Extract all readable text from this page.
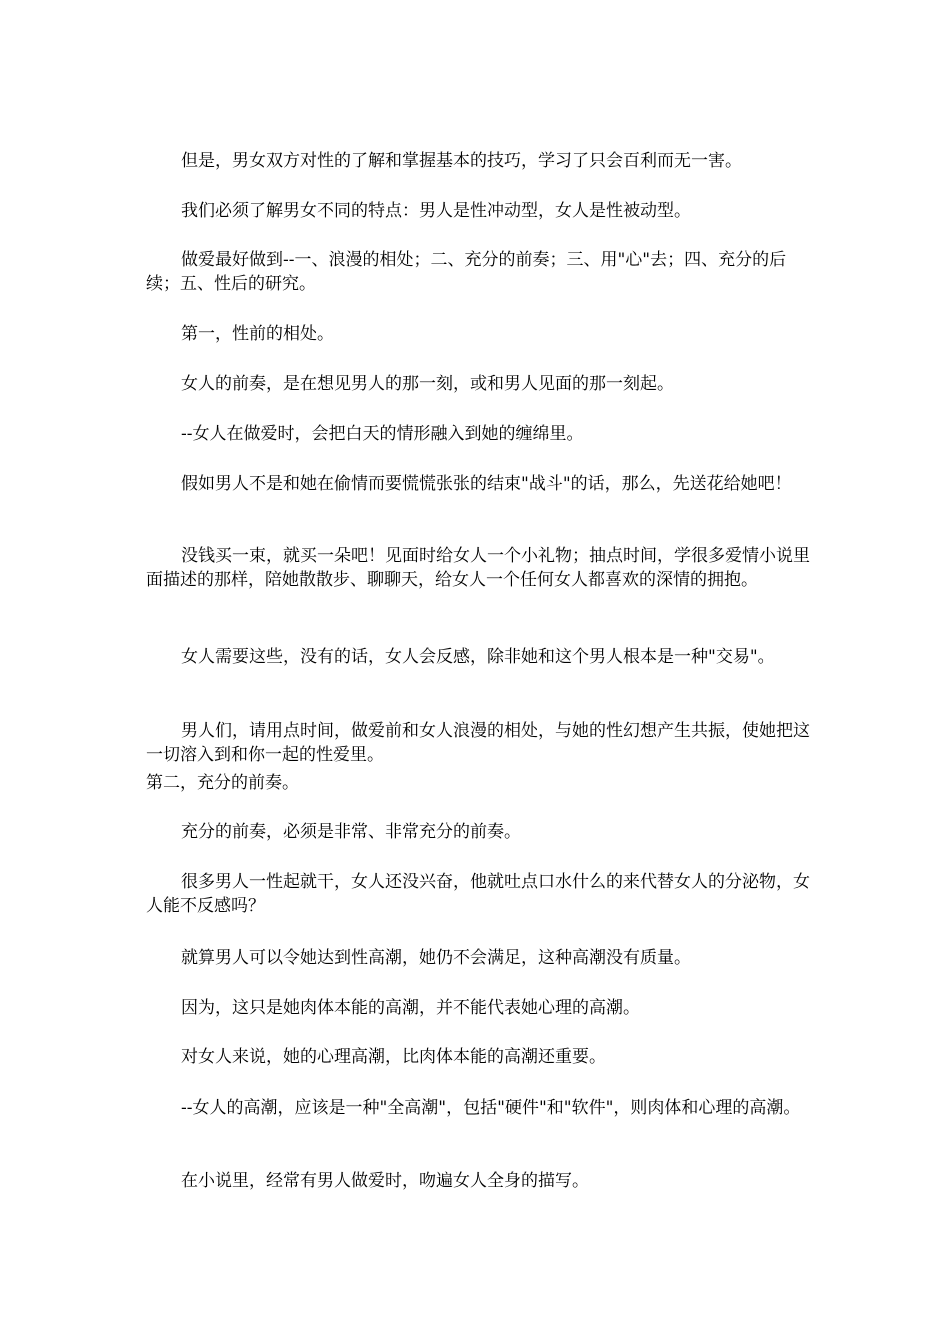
但是，男女双方对性的了解和掌握基本的技巧，学习了只会百利而无一害。
我们必须了解男女不同的特点：男人是性冲动型，女人是性被动型。
做爱最好做到--一、浪漫的相处；二、充分的前奏；三、用"心"去；四、充分的后续；五、性后的研究。
第一，性前的相处。
女人的前奏，是在想见男人的那一刻，或和男人见面的那一刻起。
--女人在做爱时，会把白天的情形融入到她的缠绵里。
假如男人不是和她在偷情而要慌慌张张的结束"战斗"的话，那么，先送花给她吧！
没钱买一束，就买一朵吧！见面时给女人一个小礼物；抽点时间，学很多爱情小说里面描述的那样，陪她散散步、聊聊天，给女人一个任何女人都喜欢的深情的拥抱。
女人需要这些，没有的话，女人会反感，除非她和这个男人根本是一种"交易"。
男人们，请用点时间，做爱前和女人浪漫的相处，与她的性幻想产生共振，使她把这一切溶入到和你一起的性爱里。
第二，充分的前奏。
充分的前奏，必须是非常、非常充分的前奏。
很多男人一性起就干，女人还没兴奋，他就吐点口水什么的来代替女人的分泌物，女人能不反感吗？
就算男人可以令她达到性高潮，她仍不会满足，这种高潮没有质量。
因为，这只是她肉体本能的高潮，并不能代表她心理的高潮。
对女人来说，她的心理高潮，比肉体本能的高潮还重要。
--女人的高潮，应该是一种"全高潮"，包括"硬件"和"软件"，则肉体和心理的高潮。
在小说里，经常有男人做爱时，吻遍女人全身的描写。
